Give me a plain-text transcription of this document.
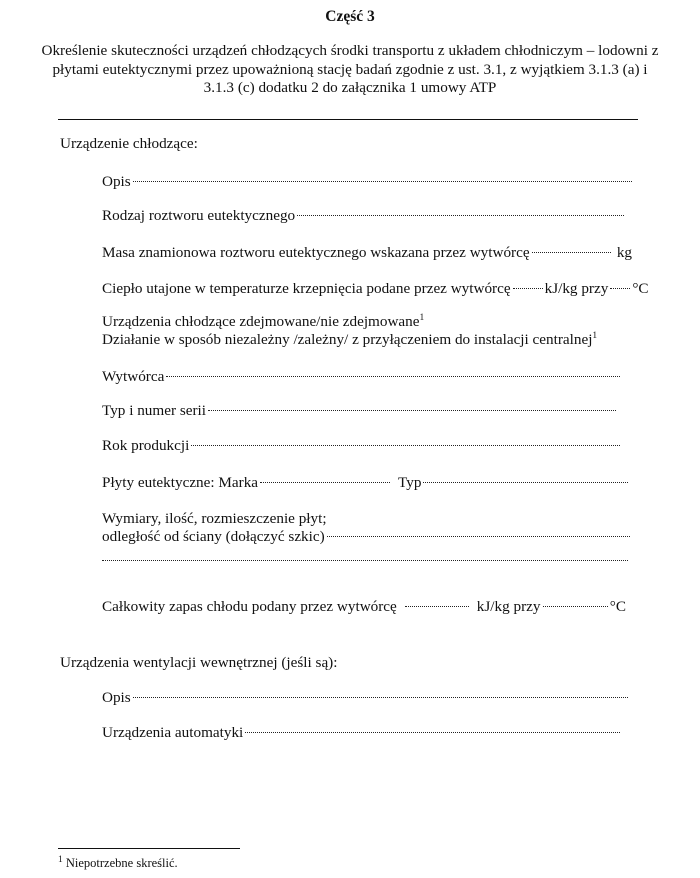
Część 3
Określenie skuteczności urządzeń chłodzących środki transportu z układem chłodniczym – lodowni z płytami eutektycznymi przez upoważnioną stację badań zgodnie z ust. 3.1, z wyjątkiem 3.1.3 (a) i 3.1.3 (c) dodatku 2 do załącznika 1 umowy ATP
Urządzenie chłodzące:
Opis
Rodzaj roztworu eutektycznego
Masa znamionowa roztworu eutektycznego wskazana przez wytwórcę	kg
Ciepło utajone w temperaturze krzepnięcia podane przez wytwórcę kJ/kg przy °C
Urządzenia chłodzące zdejmowane/nie zdejmowane$^1$
Działanie w sposób niezależny /zależny/ z przyłączeniem do instalacji centralnej$^1$
Wytwórca
Typ i numer serii
Rok produkcji
Płyty eutektyczne: Marka	Typ
Wymiary, ilość, rozmieszczenie płyt;
odległość od ściany (dołączyć szkic)
Całkowity zapas chłodu podany przez wytwórcę	kJ/kg przy	°C
Urządzenia wentylacji wewnętrznej (jeśli są):
Opis
Urządzenia automatyki
$^1$ Niepotrzebne skreślić.
